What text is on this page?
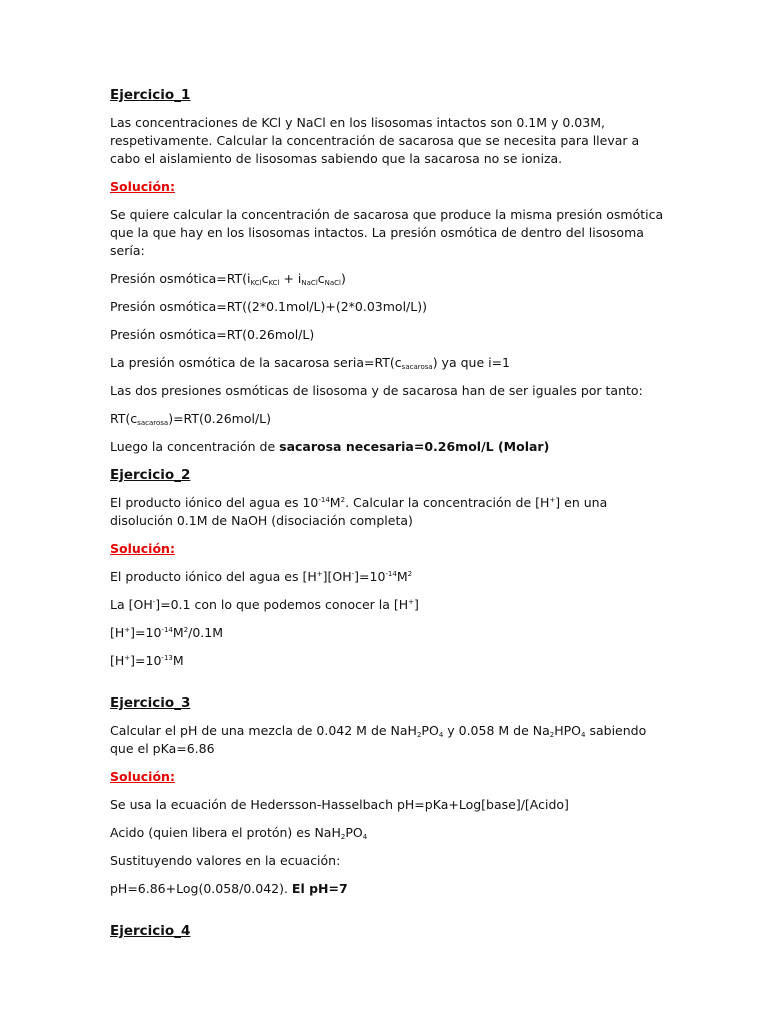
Ejercicio_1

Las concentraciones de KCl y NaCl en los lisosomas intactos son 0.1M y 0.03M, respetivamente. Calcular la concentración de sacarosa que se necesita para llevar a cabo el aislamiento de lisosomas sabiendo que la sacarosa no se ioniza.

Solución:

Se quiere calcular la concentración de sacarosa que produce la misma presión osmótica que la que hay en los lisosomas intactos. La presión osmótica de dentro del lisosoma sería:

Presión $osmótica=RT(i_{KCl}c_{KCl} + i_{NaCl}c_{NaCl})$

Presión osmótica=RT((2*0.1mol/L)+(2*0.03mol/L))

Presión osmótica=RT(0.26mol/L)

La presión osmótica de la sacarosa $seria=RT(c_{sacarosa})$ ya que i=1

Las dos presiones osmóticas de lisosoma y de sacarosa han de ser iguales por tanto:

$RT(c_{sacarosa})=RT(0.26mol/L)$

Luego la concentración de sacarosa necesaria=0.26mol/L (Molar)

Ejercicio_2

El producto iónico del agua es $10^{-14}M^2$. Calcular la concentración de [H+] en una disolución 0.1M de NaOH (disociación completa)

Solución:

El producto iónico del agua es $[H^+][OH^-]=10^{-14}M^2$

La [OH-]=0.1 con lo que podemos conocer la [H+]

$[H^+]=10^{-14}M^2/0.1M$

$[H^+]=10^{-13}M$

Ejercicio_3

Calcular el pH de una mezcla de 0.042 M de $NaH_2PO_4$ y 0.058 M de $Na_2HPO_4$ sabiendo que el pKa=6.86

Solución:

Se usa la ecuación de Hedersson-Hasselbach pH=pKa+Log[base]/[Acido]

Acido (quien libera el protón) es $NaH_2PO_4$

Sustituyendo valores en la ecuación:

pH=6.86+Log(0.058/0.042). El pH=7

Ejercicio_4
